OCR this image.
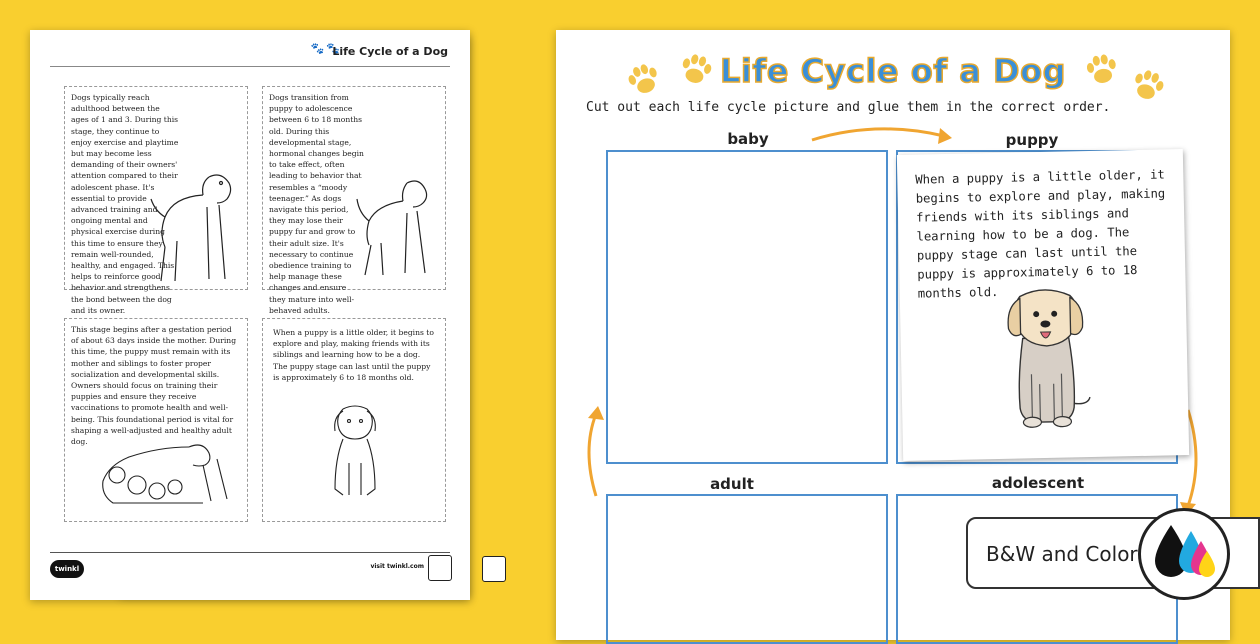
🐾🐾
Life Cycle of a Dog

Dogs typically reach adulthood between the ages of 1 and 3. During this stage, they continue to enjoy exercise and playtime but may become less demanding of their owners' attention compared to their adolescent phase. It's essential to provide advanced training and ongoing mental and physical exercise during this time to ensure they remain well-rounded, healthy, and engaged. This helps to reinforce good behavior and strengthens the bond between the dog and its owner.

Dogs transition from puppy to adolescence between 6 to 18 months old. During this developmental stage, hormonal changes begin to take effect, often leading to behavior that resembles a “moody teenager.” As dogs navigate this period, they may lose their puppy fur and grow to their adult size. It's necessary to continue obedience training to help manage these changes and ensure they mature into well-behaved adults.

This stage begins after a gestation period of about 63 days inside the mother. During this time, the puppy must remain with its mother and siblings to foster proper socialization and developmental skills. Owners should focus on training their puppies and ensure they receive vaccinations to promote health and well-being. This foundational period is vital for shaping a well-adjusted and healthy adult dog.

When a puppy is a little older, it begins to explore and play, making friends with its siblings and learning how to be a dog. The puppy stage can last until the puppy is approximately 6 to 18 months old.

twinkl	visit twinkl.com
Life Cycle of a Dog
Cut out each life cycle picture and glue them in the correct order.
baby	puppy
adult	adolescent
When a puppy is a little older, it begins to explore and play, making friends with its siblings and learning how to be a dog. The puppy stage can last until the puppy is approximately 6 to 18 months old.
B&W and Color
